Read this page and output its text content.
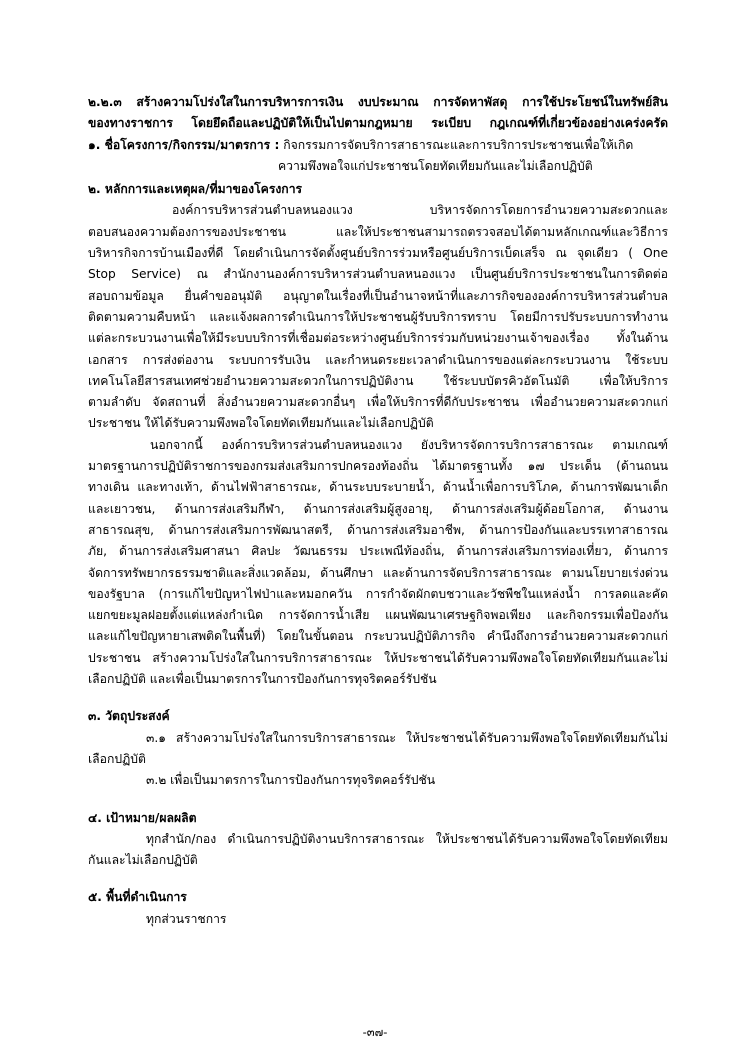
๒.๒.๓ สร้างความโปร่งใสในการบริหารการเงิน งบประมาณ การจัดหาพัสดุ การใช้ประโยชน์ในทรัพย์สิน
ของทางราชการ โดยยึดถือและปฏิบัติให้เป็นไปตามกฎหมาย ระเบียบ กฎเกณฑ์ที่เกี่ยวข้องอย่างเคร่งครัด
๑. ชื่อโครงการ/กิจกรรม/มาตรการ : กิจกรรมการจัดบริการสาธารณะและการบริการประชาชนเพื่อให้เกิด
ความพึงพอใจแก่ประชาชนโดยทัดเทียมกันและไม่เลือกปฏิบัติ
๒. หลักการและเหตุผล/ที่มาของโครงการ
องค์การบริหารส่วนตำบลหนองแวง บริหารจัดการโดยการอำนวยความสะดวกและ
ตอบสนองความต้องการของประชาชน และให้ประชาชนสามารถตรวจสอบได้ตามหลักเกณฑ์และวิธีการ
บริหารกิจการบ้านเมืองที่ดี โดยดำเนินการจัดตั้งศูนย์บริการร่วมหรือศูนย์บริการเบ็ดเสร็จ ณ จุดเดียว ( One
Stop Service) ณ สำนักงานองค์การบริหารส่วนตำบลหนองแวง เป็นศูนย์บริการประชาชนในการติดต่อ
สอบถามข้อมูล ยื่นคำขออนุมัติ อนุญาตในเรื่องที่เป็นอำนาจหน้าที่และภารกิจขององค์การบริหารส่วนตำบล
ติดตามความคืบหน้า และแจ้งผลการดำเนินการให้ประชาชนผู้รับบริการทราบ โดยมีการปรับระบบการทำงาน
แต่ละกระบวนงานเพื่อให้มีระบบบริการที่เชื่อมต่อระหว่างศูนย์บริการร่วมกับหน่วยงานเจ้าของเรื่อง ทั้งในด้าน
เอกสาร การส่งต่องาน ระบบการรับเงิน และกำหนดระยะเวลาดำเนินการของแต่ละกระบวนงาน ใช้ระบบ
เทคโนโลยีสารสนเทศช่วยอำนวยความสะดวกในการปฏิบัติงาน ใช้ระบบบัตรคิวอัตโนมัติ เพื่อให้บริการ
ตามลำดับ จัดสถานที่ สิ่งอำนวยความสะดวกอื่นๆ เพื่อให้บริการที่ดีกับประชาชน เพื่ออำนวยความสะดวกแก่
ประชาชน ให้ได้รับความพึงพอใจโดยทัดเทียมกันและไม่เลือกปฏิบัติ
นอกจากนี้ องค์การบริหารส่วนตำบลหนองแวง ยังบริหารจัดการบริการสาธารณะ ตามเกณฑ์
มาตรฐานการปฏิบัติราชการของกรมส่งเสริมการปกครองท้องถิ่น ได้มาตรฐานทั้ง ๑๗ ประเด็น (ด้านถนน
ทางเดิน และทางเท้า, ด้านไฟฟ้าสาธารณะ, ด้านระบบระบายน้ำ, ด้านน้ำเพื่อการบริโภค, ด้านการพัฒนาเด็ก
และเยาวชน, ด้านการส่งเสริมกีฬา, ด้านการส่งเสริมผู้สูงอายุ, ด้านการส่งเสริมผู้ด้อยโอกาส, ด้านงาน
สาธารณสุข, ด้านการส่งเสริมการพัฒนาสตรี, ด้านการส่งเสริมอาชีพ, ด้านการป้องกันและบรรเทาสาธารณ
ภัย, ด้านการส่งเสริมศาสนา ศิลปะ วัฒนธรรม ประเพณีท้องถิ่น, ด้านการส่งเสริมการท่องเที่ยว, ด้านการ
จัดการทรัพยากรธรรมชาติและสิ่งแวดล้อม, ด้านศึกษา และด้านการจัดบริการสาธารณะ ตามนโยบายเร่งด่วน
ของรัฐบาล (การแก้ไขปัญหาไฟป่าและหมอกควัน การกำจัดผักตบชวาและวัชพืชในแหล่งน้ำ การลดและคัด
แยกขยะมูลฝอยตั้งแต่แหล่งกำเนิด การจัดการน้ำเสีย แผนพัฒนาเศรษฐกิจพอเพียง และกิจกรรมเพื่อป้องกัน
และแก้ไขปัญหายาเสพติดในพื้นที่) โดยในขั้นตอน กระบวนปฏิบัติภารกิจ คำนึงถึงการอำนวยความสะดวกแก่
ประชาชน สร้างความโปร่งใสในการบริการสาธารณะ ให้ประชาชนได้รับความพึงพอใจโดยทัดเทียมกันและไม่
เลือกปฏิบัติ และเพื่อเป็นมาตรการในการป้องกันการทุจริตคอร์รัปชัน
๓. วัตถุประสงค์
๓.๑ สร้างความโปร่งใสในการบริการสาธารณะ ให้ประชาชนได้รับความพึงพอใจโดยทัดเทียมกันไม่
เลือกปฏิบัติ
๓.๒ เพื่อเป็นมาตรการในการป้องกันการทุจริตคอร์รัปชัน
๔. เป้าหมาย/ผลผลิต
ทุกสำนัก/กอง ดำเนินการปฏิบัติงานบริการสาธารณะ ให้ประชาชนได้รับความพึงพอใจโดยทัดเทียม
กันและไม่เลือกปฏิบัติ
๕. พื้นที่ดำเนินการ
ทุกส่วนราชการ
-๓๗-
